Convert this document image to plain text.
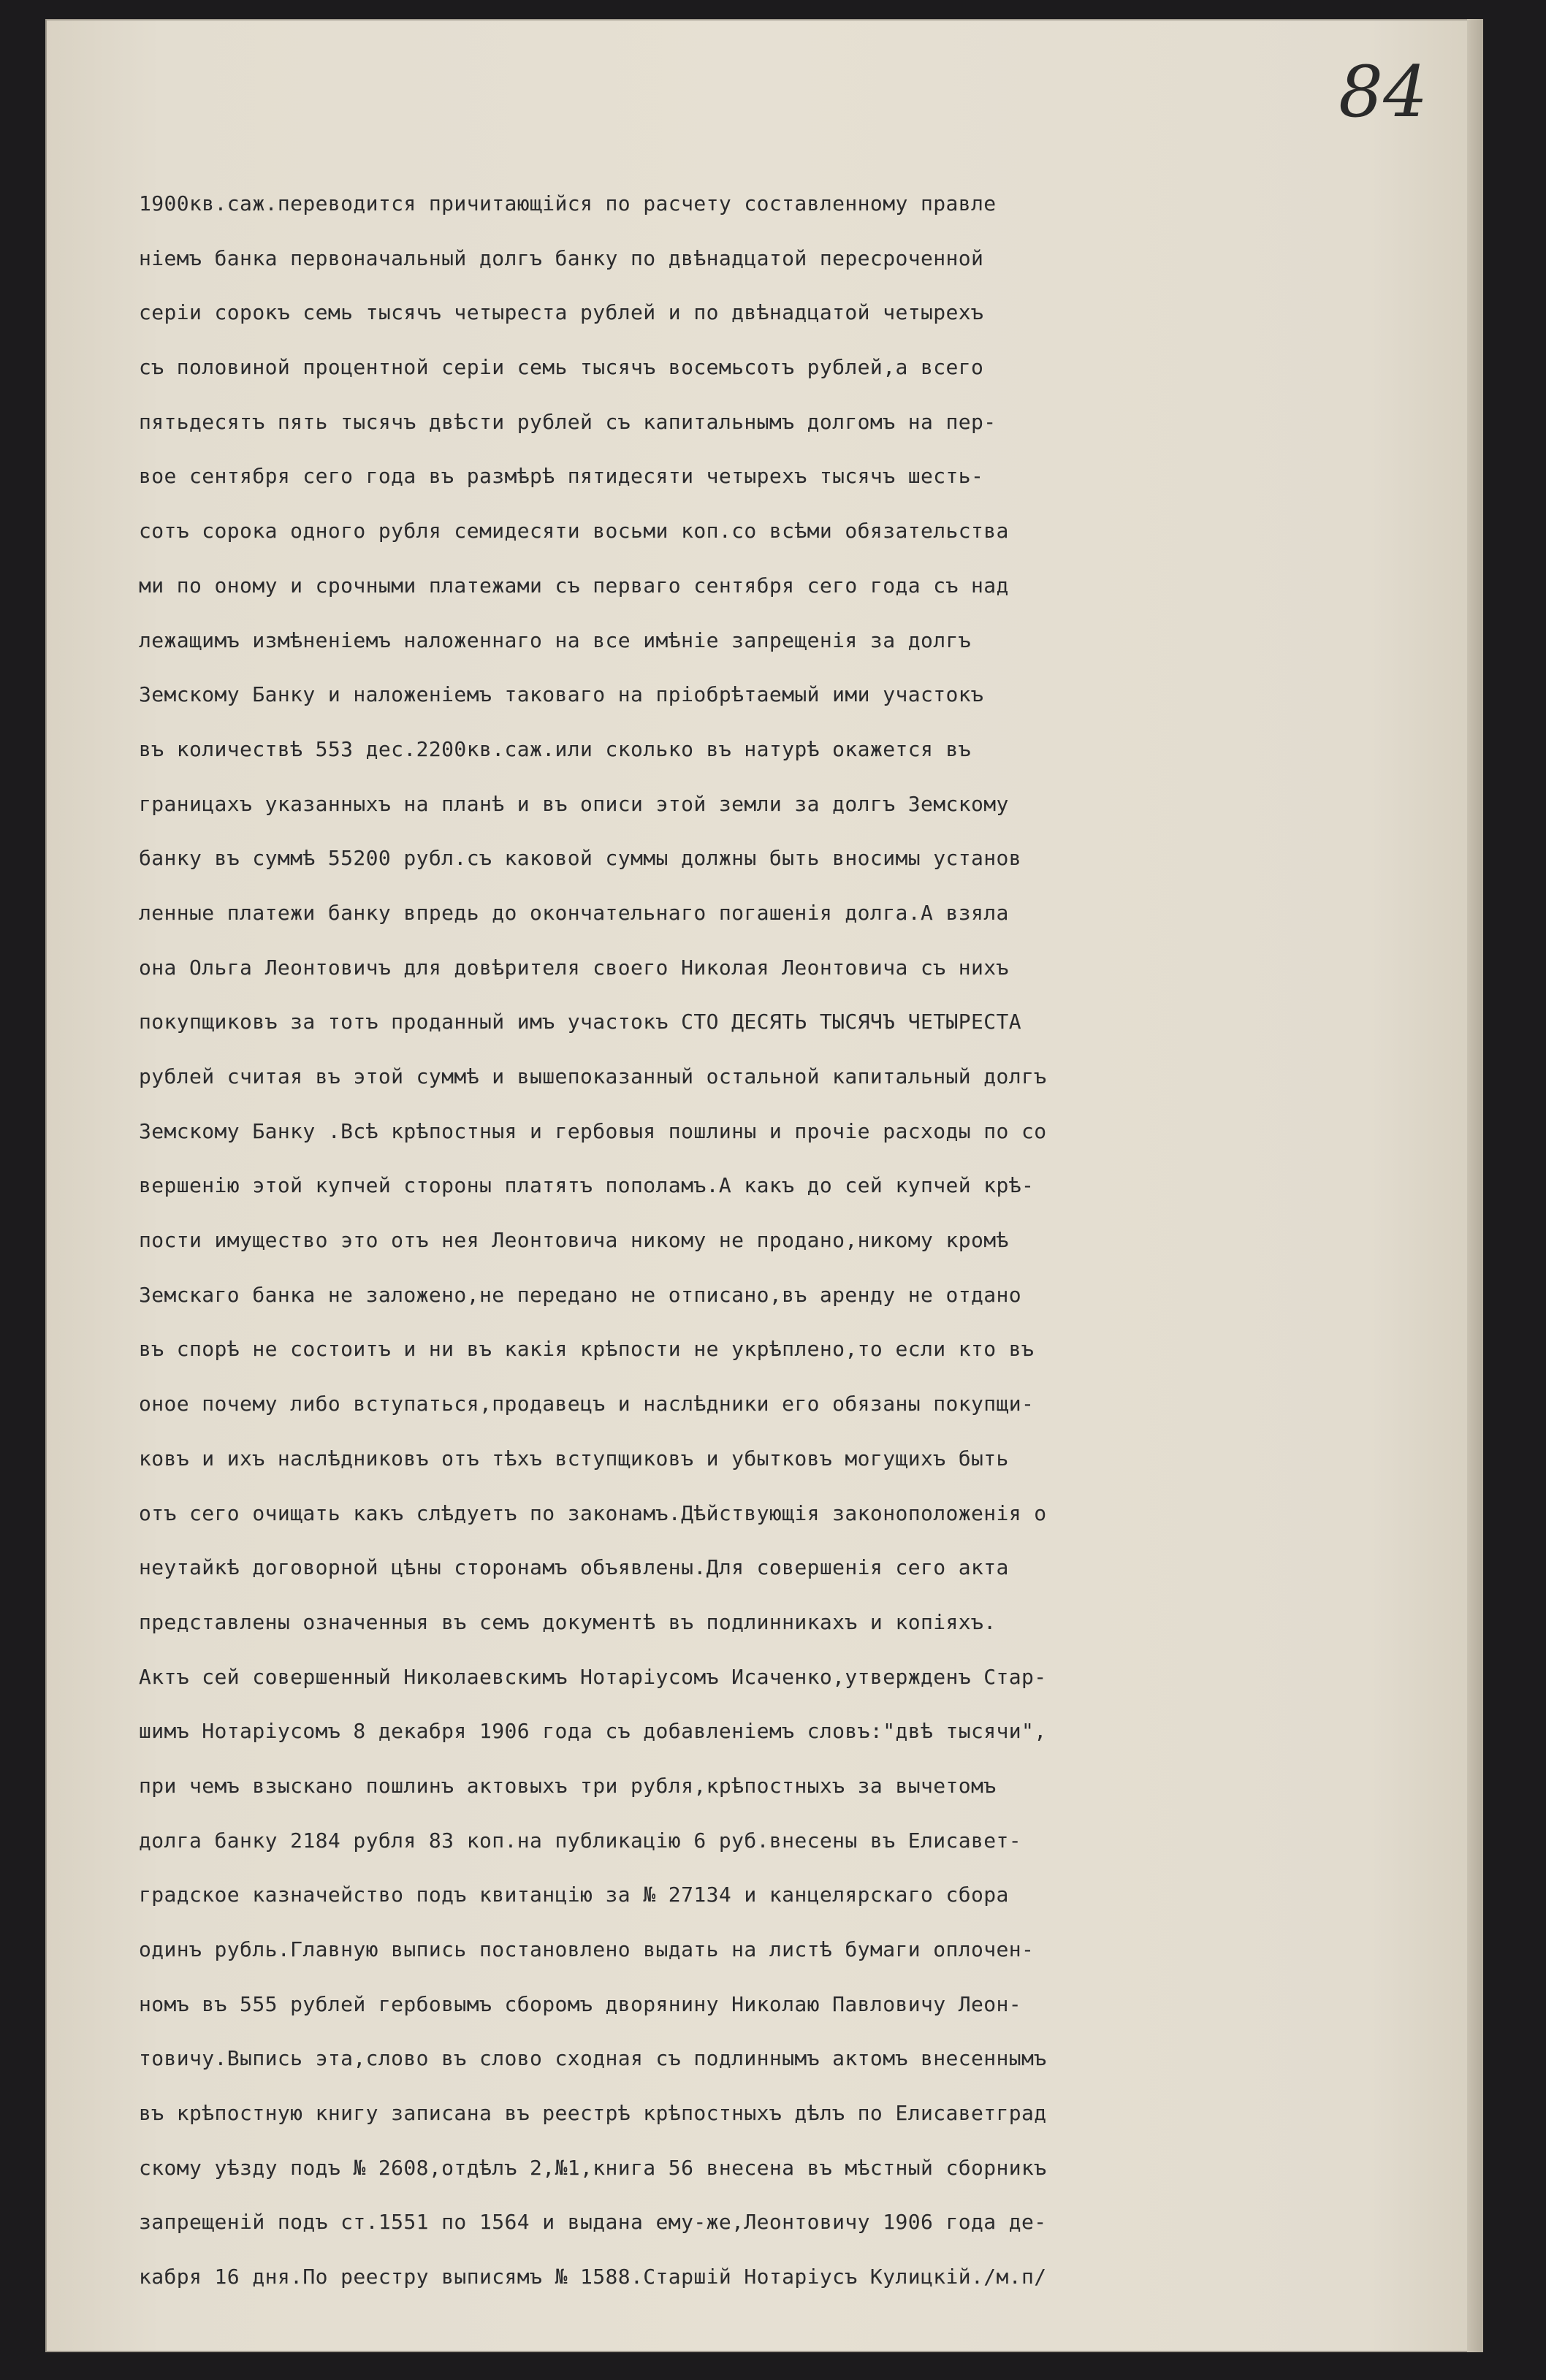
84
1900кв.саж.переводится причитающійся по расчету составленному правле
ніемъ банка первоначальный долгъ банку по двѣнадцатой пересроченной
серіи сорокъ семь тысячъ четыреста рублей и по двѣнадцатой четырехъ
съ половиной процентной серіи семь тысячъ восемьсотъ рублей,а всего
пятьдесятъ пять тысячъ двѣсти рублей съ капитальнымъ долгомъ на пер-
вое сентября сего года въ размѣрѣ пятидесяти четырехъ тысячъ шесть-
сотъ сорока одного рубля семидесяти восьми коп.со всѣми обязательства
ми по оному и срочными платежами съ перваго сентября сего года съ над
лежащимъ измѣненіемъ наложеннаго на все имѣніе запрещенія за долгъ
Земскому Банку и наложеніемъ таковаго на пріобрѣтаемый ими участокъ
въ количествѣ 553 дес.2200кв.саж.или сколько въ натурѣ окажется въ
границахъ указанныхъ на планѣ и въ описи этой земли за долгъ Земскому
банку въ суммѣ 55200 рубл.съ каковой суммы должны быть вносимы установ
ленные платежи банку впредь до окончательнаго погашенія долга.А взяла
она Ольга Леонтовичъ для довѣрителя своего Николая Леонтовича съ нихъ
покупщиковъ за тотъ проданный имъ участокъ СТО ДЕСЯТЬ ТЫСЯЧЪ ЧЕТЫРЕСТА
рублей считая въ этой суммѣ и вышепоказанный остальной капитальный долгъ
Земскому Банку .Всѣ крѣпостныя и гербовыя пошлины и прочіе расходы по со
вершенію этой купчей стороны платятъ пополамъ.А какъ до сей купчей крѣ-
пости имущество это отъ нея Леонтовича никому не продано,никому кромѣ
Земскаго банка не заложено,не передано не отписано,въ аренду не отдано
въ спорѣ не состоитъ и ни въ какія крѣпости не укрѣплено,то если кто въ
оное почему либо вступаться,продавецъ и наслѣдники его обязаны покупщи-
ковъ и ихъ наслѣдниковъ отъ тѣхъ вступщиковъ и убытковъ могущихъ быть
отъ сего очищать какъ слѣдуетъ по законамъ.Дѣйствующія законоположенія о
неутайкѣ договорной цѣны сторонамъ объявлены.Для совершенія сего акта
представлены означенныя въ семъ документѣ въ подлинникахъ и копіяхъ.
Актъ сей совершенный Николаевскимъ Нотаріусомъ Исаченко,утвержденъ Стар-
шимъ Нотаріусомъ 8 декабря 1906 года съ добавленіемъ словъ:"двѣ тысячи",
при чемъ взыскано пошлинъ актовыхъ три рубля,крѣпостныхъ за вычетомъ
долга банку 2184 рубля 83 коп.на публикацію 6 руб.внесены въ Елисавет-
градское казначейство подъ квитанцію за № 27134 и канцелярскаго сбора
одинъ рубль.Главную выпись постановлено выдать на листѣ бумаги оплочен-
номъ въ 555 рублей гербовымъ сборомъ дворянину Николаю Павловичу Леон-
товичу.Выпись эта,слово въ слово сходная съ подлиннымъ актомъ внесеннымъ
въ крѣпостную книгу записана въ реестрѣ крѣпостныхъ дѣлъ по Елисаветград
скому уѣзду подъ № 2608,отдѣлъ 2,№1,книга 56 внесена въ мѣстный сборникъ
запрещеній подъ ст.1551 по 1564 и выдана ему-же,Леонтовичу 1906 года де-
кабря 16 дня.По реестру выписямъ № 1588.Старшій Нотаріусъ Кулицкій./м.п/
